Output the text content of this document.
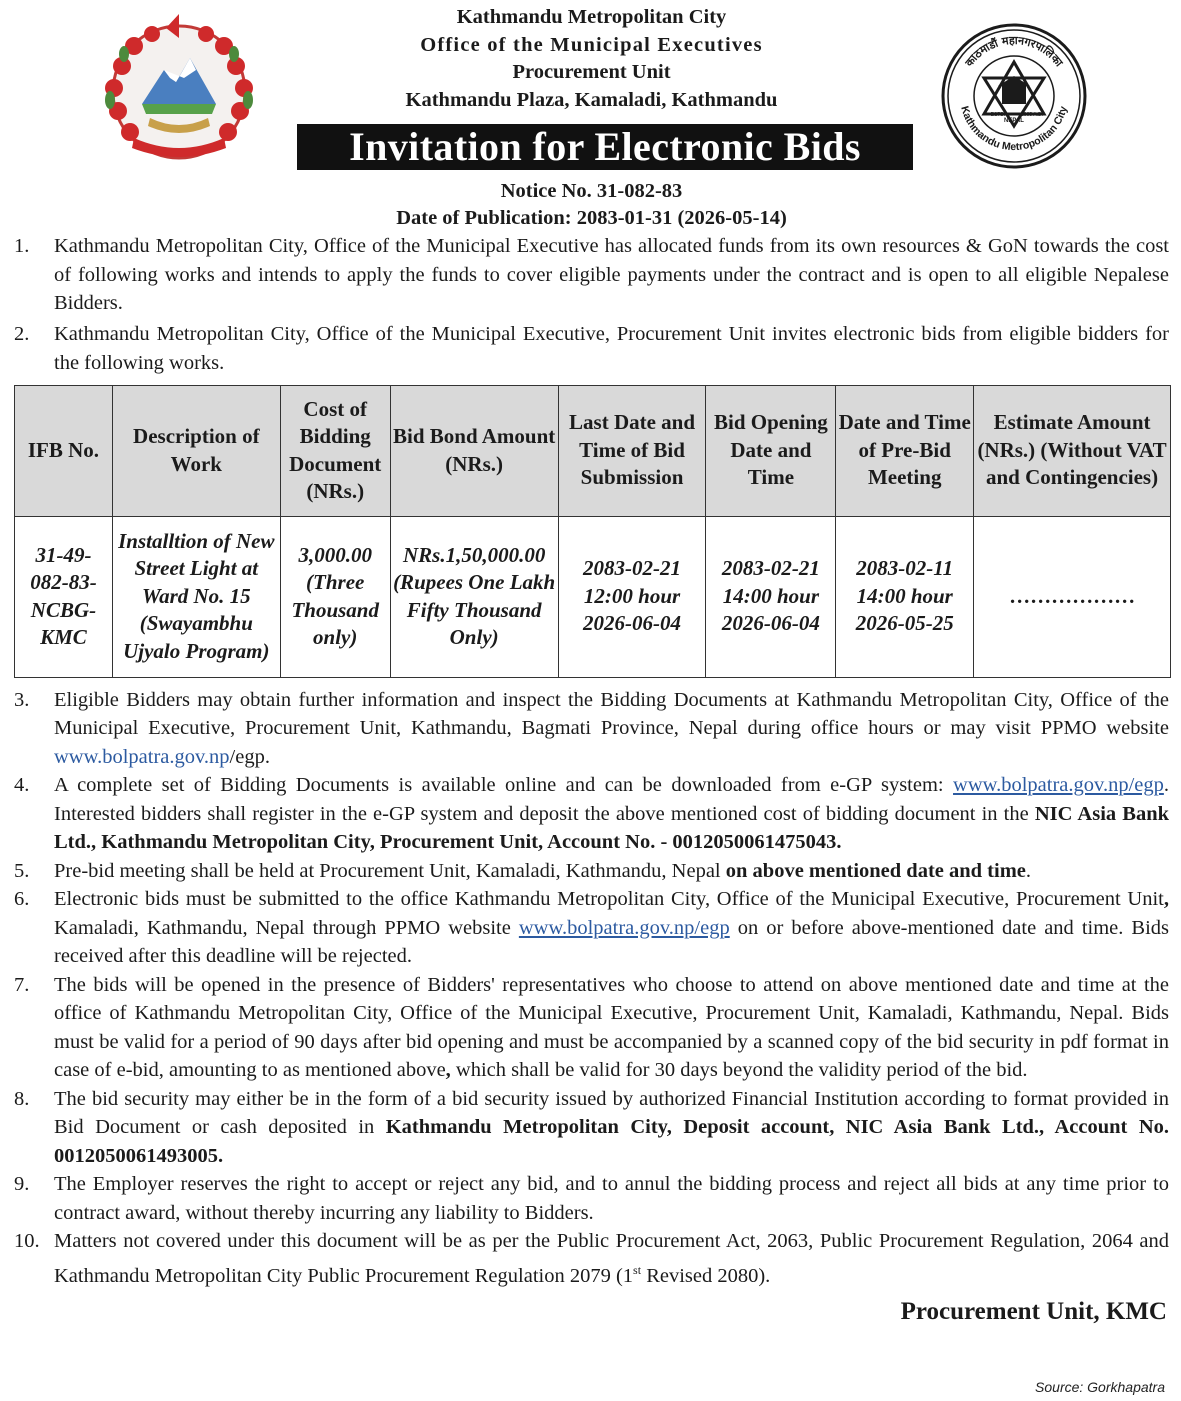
Kathmandu Metropolitan City
Office of the Municipal Executives
Procurement Unit
Kathmandu Plaza, Kamaladi, Kathmandu
Invitation for Electronic Bids
काठमाडौं महानगरपालिका
Kathmandu Metropolitan City
NEPAL
ESTD.	1995 A.D.
Notice No. 31-082-83
Date of Publication: 2083-01-31 (2026-05-14)
1. Kathmandu Metropolitan City, Office of the Municipal Executive has allocated funds from its own resources & GoN towards the cost of following works and intends to apply the funds to cover eligible payments under the contract and is open to all eligible Nepalese Bidders.

2. Kathmandu Metropolitan City, Office of the Municipal Executive, Procurement Unit invites electronic bids from eligible bidders for the following works.

IFB No.	Description of Work	Cost of Bidding Document (NRs.)	Bid Bond Amount (NRs.)	Last Date and Time of Bid Submission	Bid Opening Date and Time	Date and Time of Pre-Bid Meeting	Estimate Amount (NRs.) (Without VAT and Contingencies)
31-49-082-83-NCBG-KMC	Installtion of New Street Light at Ward No. 15 (Swayambhu Ujyalo Program)	3,000.00 (Three Thousand only)	NRs.1,50,000.00 (Rupees One Lakh Fifty Thousand Only)	2083-02-21 12:00 hour 2026-06-04	2083-02-21 14:00 hour 2026-06-04	2083-02-11 14:00 hour 2026-05-25	………………
3. Eligible Bidders may obtain further information and inspect the Bidding Documents at Kathmandu Metropolitan City, Office of the Municipal Executive, Procurement Unit, Kathmandu, Bagmati Province, Nepal during office hours or may visit PPMO website www.bolpatra.gov.np/egp.

4. A complete set of Bidding Documents is available online and can be downloaded from e-GP system: www.bolpatra.gov.np/egp. Interested bidders shall register in the e-GP system and deposit the above mentioned cost of bidding document in the NIC Asia Bank Ltd., Kathmandu Metropolitan City, Procurement Unit, Account No. - 0012050061475043.

5. Pre-bid meeting shall be held at Procurement Unit, Kamaladi, Kathmandu, Nepal on above mentioned date and time.

6. Electronic bids must be submitted to the office Kathmandu Metropolitan City, Office of the Municipal Executive, Procurement Unit, Kamaladi, Kathmandu, Nepal through PPMO website www.bolpatra.gov.np/egp on or before above-mentioned date and time. Bids received after this deadline will be rejected.

7. The bids will be opened in the presence of Bidders' representatives who choose to attend on above mentioned date and time at the office of Kathmandu Metropolitan City, Office of the Municipal Executive, Procurement Unit, Kamaladi, Kathmandu, Nepal. Bids must be valid for a period of 90 days after bid opening and must be accompanied by a scanned copy of the bid security in pdf format in case of e-bid, amounting to as mentioned above, which shall be valid for 30 days beyond the validity period of the bid.

8. The bid security may either be in the form of a bid security issued by authorized Financial Institution according to format provided in Bid Document or cash deposited in Kathmandu Metropolitan City, Deposit account, NIC Asia Bank Ltd., Account No. 0012050061493005.

9. The Employer reserves the right to accept or reject any bid, and to annul the bidding process and reject all bids at any time prior to contract award, without thereby incurring any liability to Bidders.

10. Matters not covered under this document will be as per the Public Procurement Act, 2063, Public Procurement Regulation, 2064 and Kathmandu Metropolitan City Public Procurement Regulation 2079 (1st Revised 2080).

Procurement Unit, KMC
Source: Gorkhapatra
